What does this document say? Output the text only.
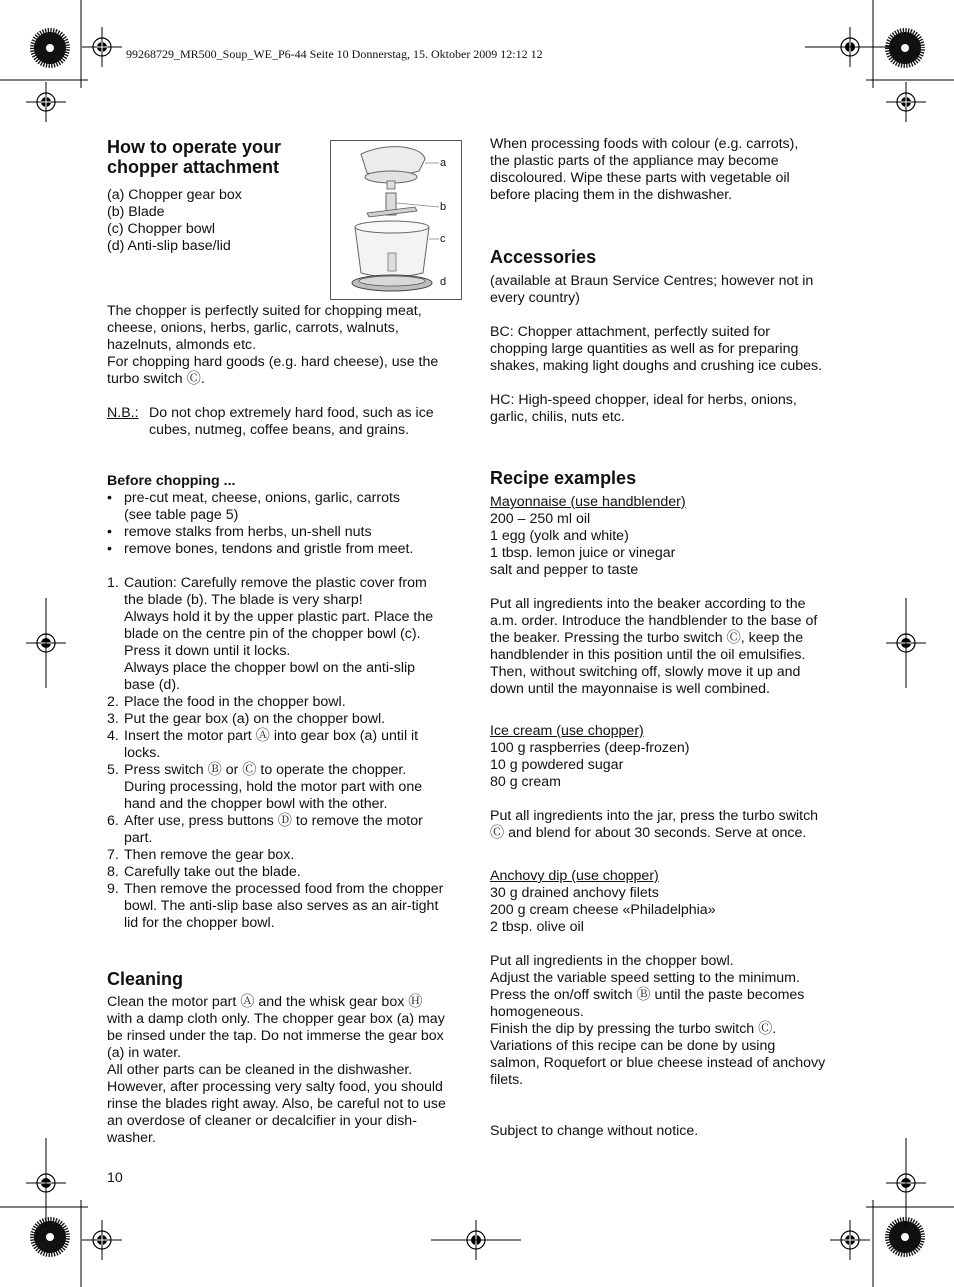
99268729_MR500_Soup_WE_P6-44 Seite 10 Donnerstag, 15. Oktober 2009 12:12 12
How to operate your
chopper attachment
(a) Chopper gear box
(b) Blade
(c) Chopper bowl
(d) Anti-slip base/lid
a
b
c
d
The chopper is perfectly suited for chopping meat,
cheese, onions, herbs, garlic, carrots, walnuts,
hazelnuts, almonds etc.
For chopping hard goods (e.g. hard cheese), use the
turbo switch Ⓒ.
N.B.: Do not chop extremely hard food, such as ice
cubes, nutmeg, coffee beans, and grains.
Before chopping ...
• pre-cut meat, cheese, onions, garlic, carrots
(see table page 5)
• remove stalks from herbs, un-shell nuts
• remove bones, tendons and gristle from meet.
1. Caution: Carefully remove the plastic cover from
the blade (b). The blade is very sharp!
Always hold it by the upper plastic part. Place the
blade on the centre pin of the chopper bowl (c).
Press it down until it locks.
Always place the chopper bowl on the anti-slip
base (d).
2. Place the food in the chopper bowl.
3. Put the gear box (a) on the chopper bowl.
4. Insert the motor part Ⓐ into gear box (a) until it
locks.
5. Press switch Ⓑ or Ⓒ to operate the chopper.
During processing, hold the motor part with one
hand and the chopper bowl with the other.
6. After use, press buttons Ⓓ to remove the motor
part.
7. Then remove the gear box.
8. Carefully take out the blade.
9. Then remove the processed food from the chopper
bowl. The anti-slip base also serves as an air-tight
lid for the chopper bowl.
Cleaning
Clean the motor part Ⓐ and the whisk gear box Ⓗ
with a damp cloth only. The chopper gear box (a) may
be rinsed under the tap. Do not immerse the gear box
(a) in water.
All other parts can be cleaned in the dishwasher.
However, after processing very salty food, you should
rinse the blades right away. Also, be careful not to use
an overdose of cleaner or decalcifier in your dish-
washer.
10
When processing foods with colour (e.g. carrots),
the plastic parts of the appliance may become
discoloured. Wipe these parts with vegetable oil
before placing them in the dishwasher.
Accessories
(available at Braun Service Centres; however not in
every country)
BC: Chopper attachment, perfectly suited for
chopping large quantities as well as for preparing
shakes, making light doughs and crushing ice cubes.
HC: High-speed chopper, ideal for herbs, onions,
garlic, chilis, nuts etc.
Recipe examples
Mayonnaise (use handblender)
200 – 250 ml oil
1 egg (yolk and white)
1 tbsp. lemon juice or vinegar
salt and pepper to taste
Put all ingredients into the beaker according to the
a.m. order. Introduce the handblender to the base of
the beaker. Pressing the turbo switch Ⓒ, keep the
handblender in this position until the oil emulsifies.
Then, without switching off, slowly move it up and
down until the mayonnaise is well combined.
Ice cream (use chopper)
100 g raspberries (deep-frozen)
10 g powdered sugar
80 g cream
Put all ingredients into the jar, press the turbo switch
Ⓒ and blend for about 30 seconds. Serve at once.
Anchovy dip (use chopper)
30 g drained anchovy filets
200 g cream cheese «Philadelphia»
2 tbsp. olive oil
Put all ingredients in the chopper bowl.
Adjust the variable speed setting to the minimum.
Press the on/off switch Ⓑ until the paste becomes
homogeneous.
Finish the dip by pressing the turbo switch Ⓒ.
Variations of this recipe can be done by using
salmon, Roquefort or blue cheese instead of anchovy
filets.
Subject to change without notice.
